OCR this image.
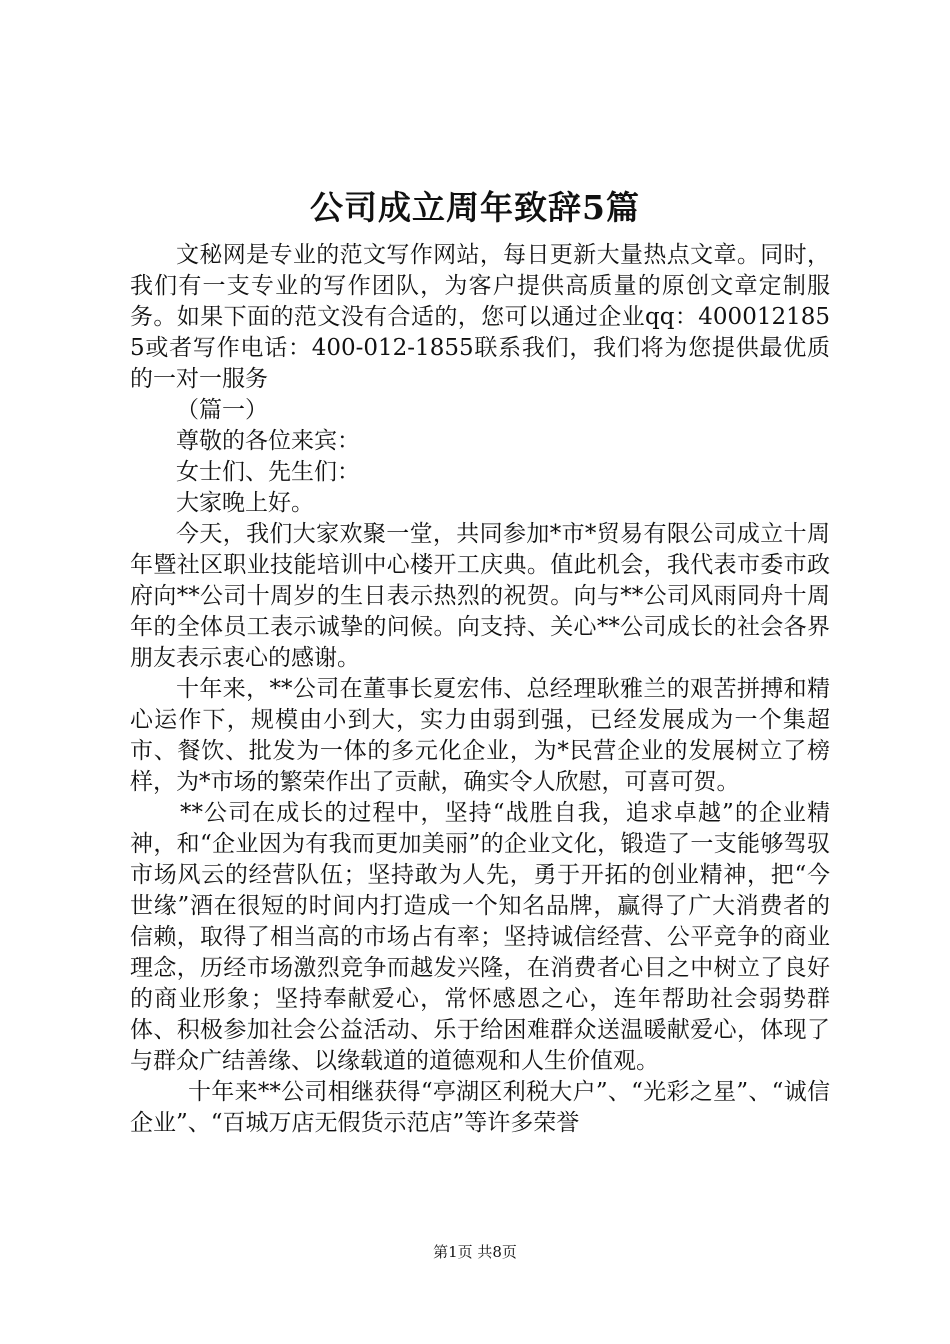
公司成立周年致辞5篇

文秘网是专业的范文写作网站，每日更新大量热点文章。同时，我们有一支专业的写作团队，为客户提供高质量的原创文章定制服务。如果下面的范文没有合适的，您可以通过企业qq：4000121855或者写作电话：400-012-1855联系我们，我们将为您提供最优质的一对一服务

（篇一）

尊敬的各位来宾：

女士们、先生们：

大家晚上好。

今天，我们大家欢聚一堂，共同参加*市*贸易有限公司成立十周年暨社区职业技能培训中心楼开工庆典。值此机会，我代表市委市政府向**公司十周岁的生日表示热烈的祝贺。向与**公司风雨同舟十周年的全体员工表示诚挚的问候。向支持、关心**公司成长的社会各界朋友表示衷心的感谢。

十年来，**公司在董事长夏宏伟、总经理耿雅兰的艰苦拼搏和精心运作下，规模由小到大，实力由弱到强，已经发展成为一个集超市、餐饮、批发为一体的多元化企业，为*民营企业的发展树立了榜样，为*市场的繁荣作出了贡献，确实令人欣慰，可喜可贺。

**公司在成长的过程中，坚持“战胜自我，追求卓越”的企业精神，和“企业因为有我而更加美丽”的企业文化，锻造了一支能够驾驭市场风云的经营队伍；坚持敢为人先，勇于开拓的创业精神，把“今世缘”酒在很短的时间内打造成一个知名品牌，赢得了广大消费者的信赖，取得了相当高的市场占有率；坚持诚信经营、公平竞争的商业理念，历经市场激烈竞争而越发兴隆，在消费者心目之中树立了良好的商业形象；坚持奉献爱心，常怀感恩之心，连年帮助社会弱势群体、积极参加社会公益活动、乐于给困难群众送温暖献爱心，体现了与群众广结善缘、以缘载道的道德观和人生价值观。

十年来**公司相继获得“亭湖区利税大户”、“光彩之星”、“诚信企业”、“百城万店无假货示范店”等许多荣誉

第1页 共8页
